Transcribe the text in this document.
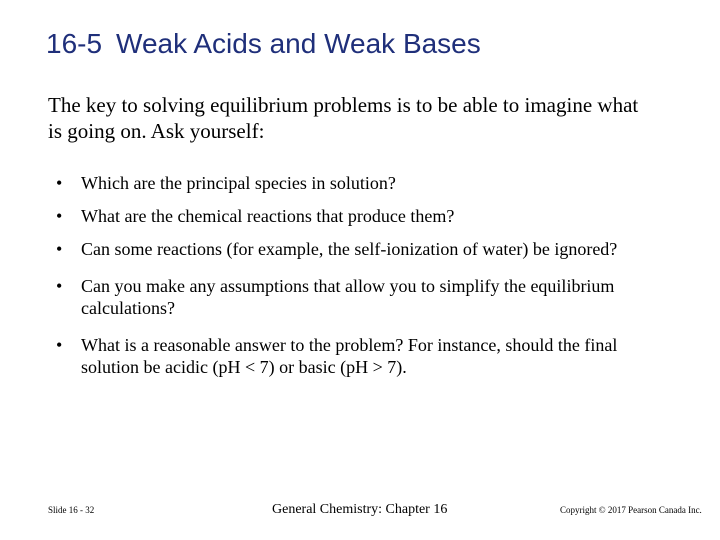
16-5 Weak Acids and Weak Bases
The key to solving equilibrium problems is to be able to imagine what is going on. Ask yourself:
• Which are the principal species in solution?
• What are the chemical reactions that produce them?
• Can some reactions (for example, the self-ionization of water) be ignored?
• Can you make any assumptions that allow you to simplify the equilibrium calculations?
• What is a reasonable answer to the problem? For instance, should the final solution be acidic (pH < 7) or basic (pH > 7).
Slide 16 - 32	General Chemistry: Chapter 16	Copyright © 2017 Pearson Canada Inc.
